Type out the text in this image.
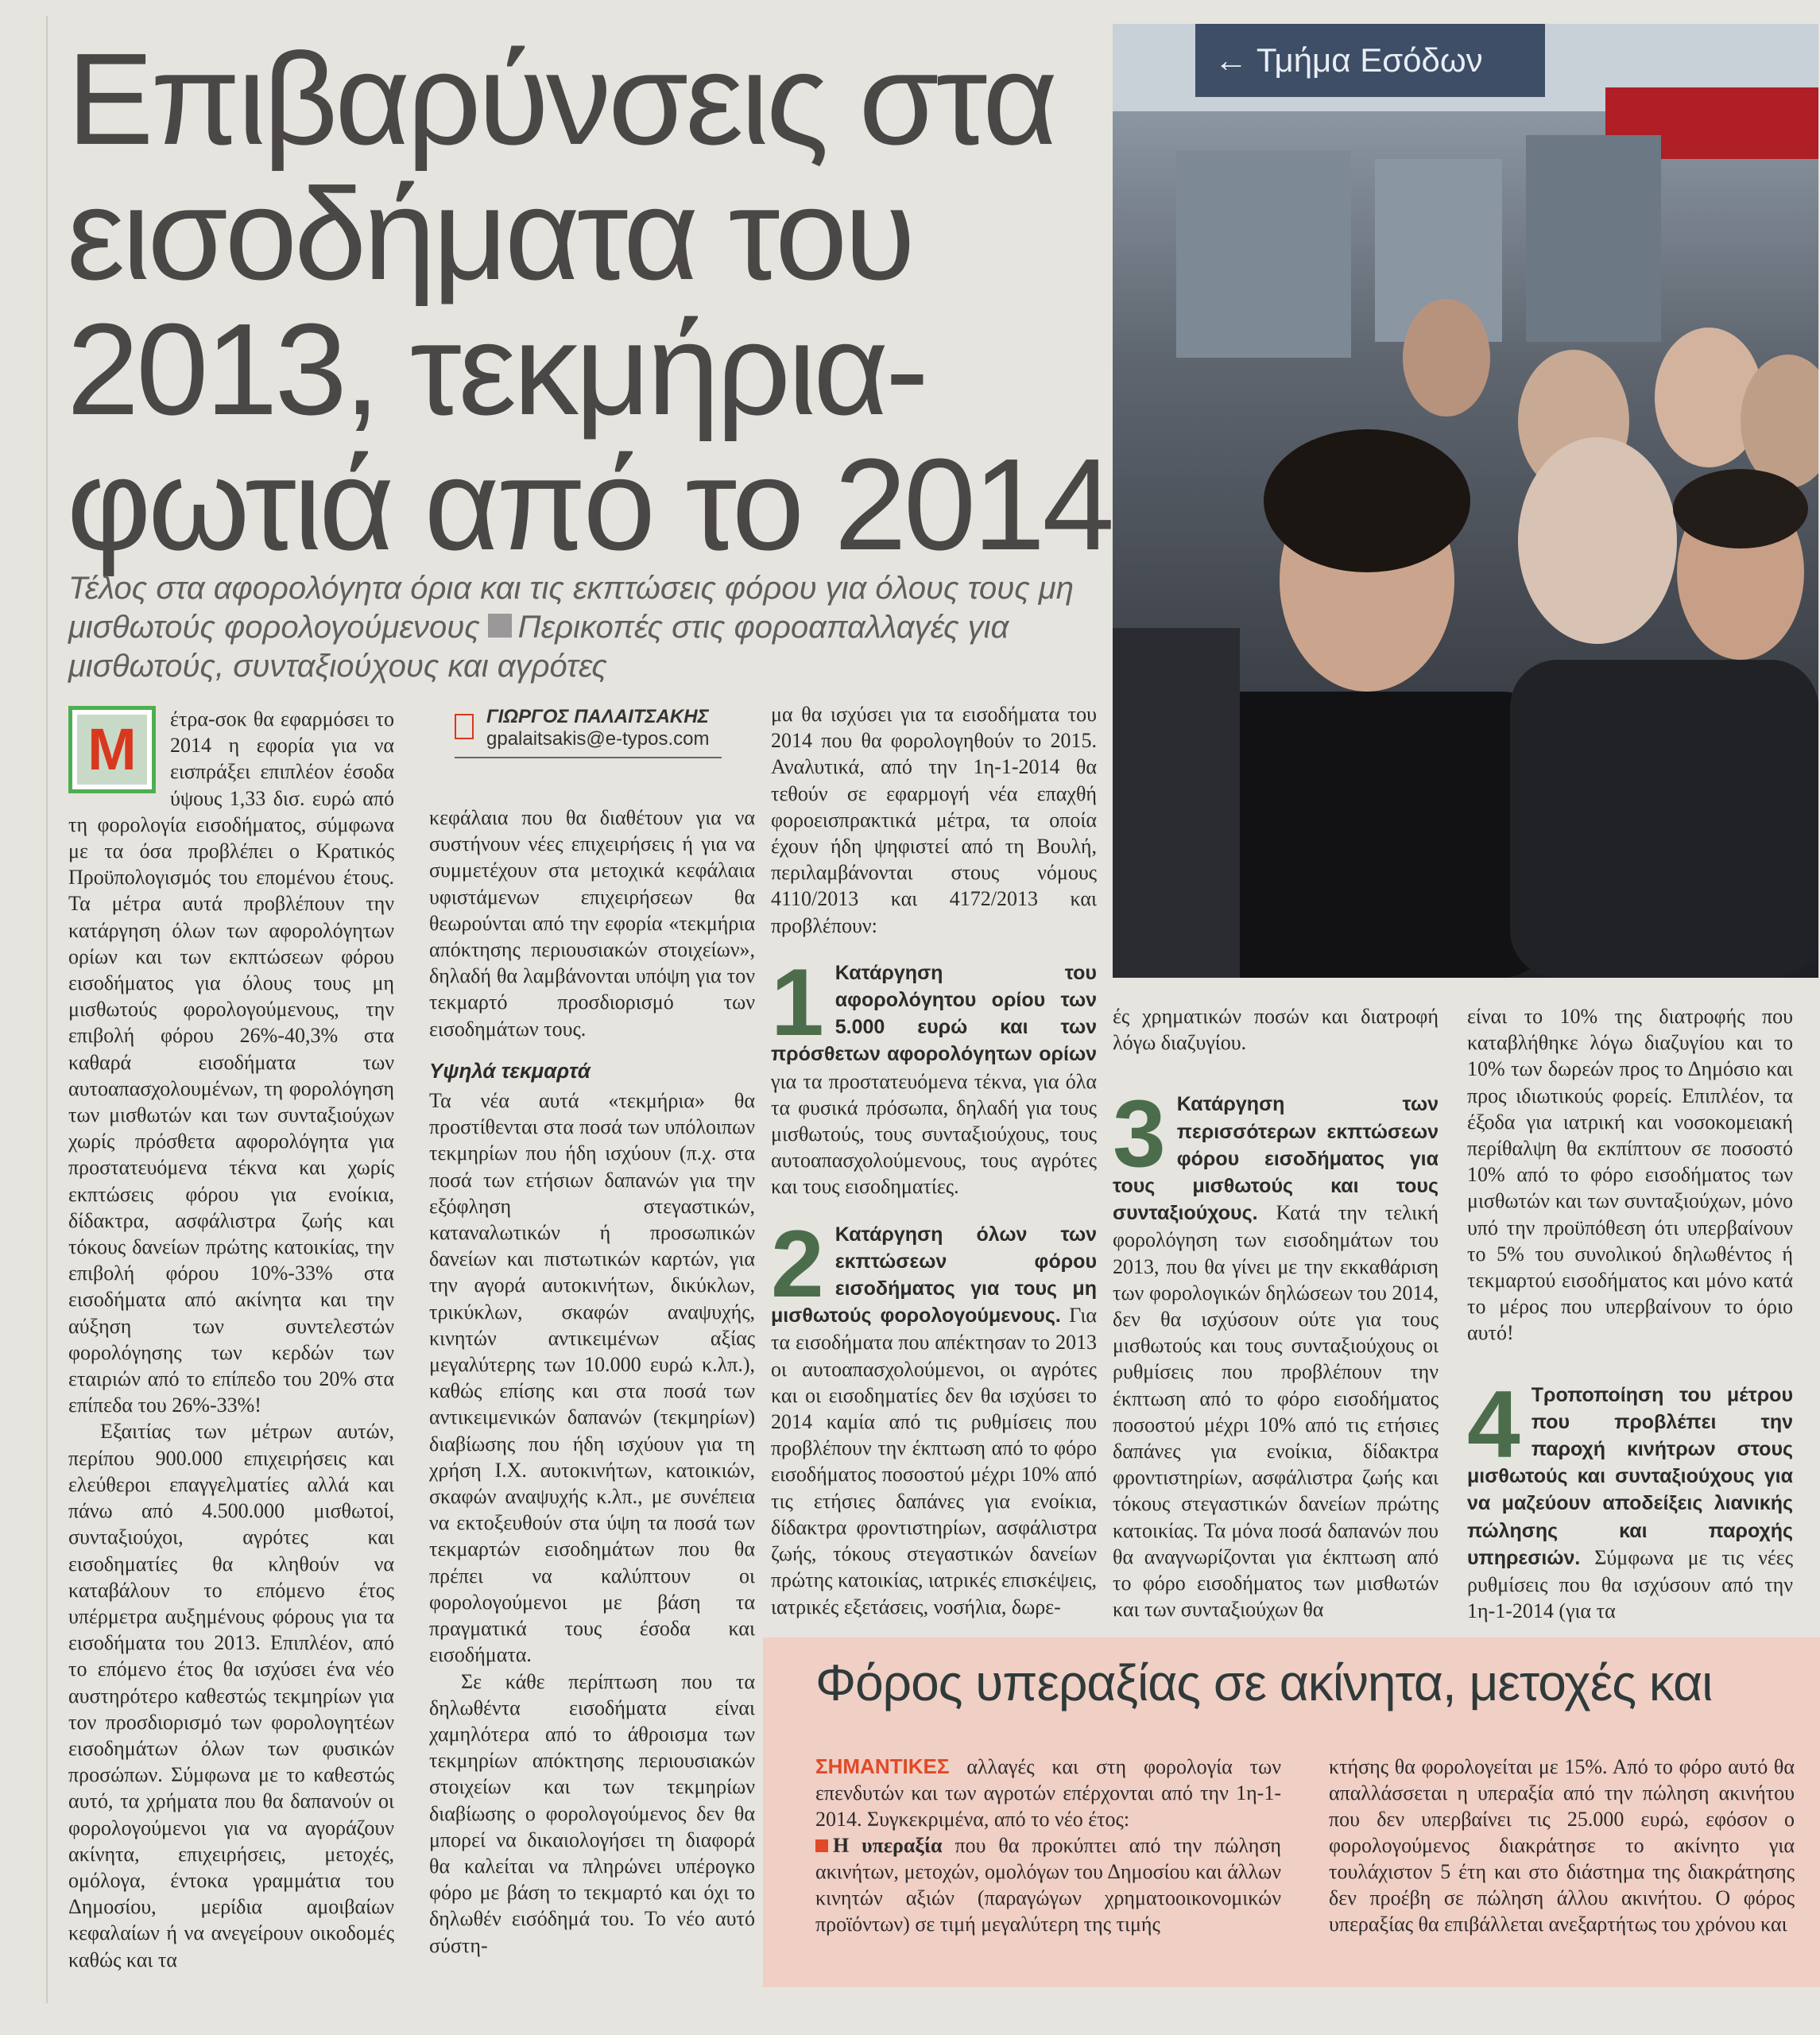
Επιβαρύνσεις στα
εισοδήματα του
2013, τεκμήρια-
φωτιά από το 2014
Τέλος στα αφορολόγητα όρια και τις εκπτώσεις φόρου για όλους τους μη μισθωτούς φορολογούμενους Περικοπές στις φοροαπαλλαγές για μισθωτούς, συνταξιούχους και αγρότες
← Τμήμα Εσόδων
Μ	έτρα-σοκ θα εφαρμόσει το 2014 η εφορία για να εισπράξει επιπλέον έσοδα ύψους 1,33 δισ. ευρώ από τη φορολογία εισοδήματος, σύμφωνα με τα όσα προβλέπει ο Κρατικός Προϋπολογισμός του επομένου έτους. Τα μέτρα αυτά προβλέπουν την κατάργηση όλων των αφορολόγητων ορίων και των εκπτώσεων φόρου εισοδήματος για όλους τους μη μισθωτούς φορολογούμενους, την επιβολή φόρου 26%-40,3% στα καθαρά εισοδήματα των αυτοαπασχολουμένων, τη φορολόγηση των μισθωτών και των συνταξιούχων χωρίς πρόσθετα αφορολόγητα για προστατευόμενα τέκνα και χωρίς εκπτώσεις φόρου για ενοίκια, δίδακτρα, ασφάλιστρα ζωής και τόκους δανείων πρώτης κατοικίας, την επιβολή φόρου 10%-33% στα εισοδήματα από ακίνητα και την αύξηση των συντελεστών φορολόγησης των κερδών των εταιριών από το επίπεδο του 20% στα επίπεδα του 26%-33%!

Εξαιτίας των μέτρων αυτών, περίπου 900.000 επιχειρήσεις και ελεύθεροι επαγγελματίες αλλά και πάνω από 4.500.000 μισθωτοί, συνταξιούχοι, αγρότες και εισοδηματίες θα κληθούν να καταβάλουν το επόμενο έτος υπέρμετρα αυξημένους φόρους για τα εισοδήματα του 2013. Επιπλέον, από το επόμενο έτος θα ισχύσει ένα νέο αυστηρότερο καθεστώς τεκμηρίων για τον προσδιορισμό των φορολογητέων εισοδημάτων όλων των φυσικών προσώπων. Σύμφωνα με το καθεστώς αυτό, τα χρήματα που θα δαπανούν οι φορολογούμενοι για να αγοράζουν ακίνητα, επιχειρήσεις, μετοχές, ομόλογα, έντοκα γραμμάτια του Δημοσίου, μερίδια αμοιβαίων κεφαλαίων ή να ανεγείρουν οικοδομές καθώς και τα

ΓΙΩΡΓΟΣ ΠΑΛΑΙΤΣΑΚΗΣ
gpalaitsakis@e-typos.com

κεφάλαια που θα διαθέτουν για να συστήνουν νέες επιχειρήσεις ή για να συμμετέχουν στα μετοχικά κεφάλαια υφιστάμενων επιχειρήσεων θα θεωρούνται από την εφορία «τεκμήρια απόκτησης περιουσιακών στοιχείων», δηλαδή θα λαμβάνονται υπόψη για τον τεκμαρτό προσδιορισμό των εισοδημάτων τους.

Υψηλά τεκμαρτά

Τα νέα αυτά «τεκμήρια» θα προστίθενται στα ποσά των υπόλοιπων τεκμηρίων που ήδη ισχύουν (π.χ. στα ποσά των ετήσιων δαπανών για την εξόφληση στεγαστικών, καταναλωτικών ή προσωπικών δανείων και πιστωτικών καρτών, για την αγορά αυτοκινήτων, δικύκλων, τρικύκλων, σκαφών αναψυχής, κινητών αντικειμένων αξίας μεγαλύτερης των 10.000 ευρώ κ.λπ.), καθώς επίσης και στα ποσά των αντικειμενικών δαπανών (τεκμηρίων) διαβίωσης που ήδη ισχύουν για τη χρήση Ι.Χ. αυτοκινήτων, κατοικιών, σκαφών αναψυχής κ.λπ., με συνέπεια να εκτοξευθούν στα ύψη τα ποσά των τεκμαρτών εισοδημάτων που θα πρέπει να καλύπτουν οι φορολογούμενοι με βάση τα πραγματικά τους έσοδα και εισοδήματα.

Σε κάθε περίπτωση που τα δηλωθέντα εισοδήματα είναι χαμηλότερα από το άθροισμα των τεκμηρίων απόκτησης περιουσιακών στοιχείων και των τεκμηρίων διαβίωσης ο φορολογούμενος δεν θα μπορεί να δικαιολογήσει τη διαφορά θα καλείται να πληρώνει υπέρογκο φόρο με βάση το τεκμαρτό και όχι το δηλωθέν εισόδημά του. Το νέο αυτό σύστη-

μα θα ισχύσει για τα εισοδήματα του 2014 που θα φορολογηθούν το 2015. Αναλυτικά, από την 1η-1-2014 θα τεθούν σε εφαρμογή νέα επαχθή φοροεισπρακτικά μέτρα, τα οποία έχουν ήδη ψηφιστεί από τη Βουλή, περιλαμβάνονται στους νόμους 4110/2013 και 4172/2013 και προβλέπουν:

1 Κατάργηση του αφορολόγητου ορίου των 5.000 ευρώ και των πρόσθετων αφορολόγητων ορίων για τα προστατευόμενα τέκνα, για όλα τα φυσικά πρόσωπα, δηλαδή για τους μισθωτούς, τους συνταξιούχους, τους αυτοαπασχολούμενους, τους αγρότες και τους εισοδηματίες.
2 Κατάργηση όλων των εκπτώσεων φόρου εισοδήματος για τους μη μισθωτούς φορολογούμενους. Για τα εισοδήματα που απέκτησαν το 2013 οι αυτοαπασχολούμενοι, οι αγρότες και οι εισοδηματίες δεν θα ισχύσει το 2014 καμία από τις ρυθμίσεις που προβλέπουν την έκπτωση από το φόρο εισοδήματος ποσοστού μέχρι 10% από τις ετήσιες δαπάνες για ενοίκια, δίδακτρα φροντιστηρίων, ασφάλιστρα ζωής, τόκους στεγαστικών δανείων πρώτης κατοικίας, ιατρικές επισκέψεις, ιατρικές εξετάσεις, νοσήλια, δωρε-

ές χρηματικών ποσών και διατροφή λόγω διαζυγίου.

3 Κατάργηση των περισσότερων εκπτώσεων φόρου εισοδήματος για τους μισθωτούς και τους συνταξιούχους. Κατά την τελική φορολόγηση των εισοδημάτων του 2013, που θα γίνει με την εκκαθάριση των φορολογικών δηλώσεων του 2014, δεν θα ισχύσουν ούτε για τους μισθωτούς και τους συνταξιούχους οι ρυθμίσεις που προβλέπουν την έκπτωση από το φόρο εισοδήματος ποσοστού μέχρι 10% από τις ετήσιες δαπάνες για ενοίκια, δίδακτρα φροντιστηρίων, ασφάλιστρα ζωής και τόκους στεγαστικών δανείων πρώτης κατοικίας. Τα μόνα ποσά δαπανών που θα αναγνωρίζονται για έκπτωση από το φόρο εισοδήματος των μισθωτών και των συνταξιούχων θα

είναι το 10% της διατροφής που καταβλήθηκε λόγω διαζυγίου και το 10% των δωρεών προς το Δημόσιο και προς ιδιωτικούς φορείς. Επιπλέον, τα έξοδα για ιατρική και νοσοκομειακή περίθαλψη θα εκπίπτουν σε ποσοστό 10% από το φόρο εισοδήματος των μισθωτών και των συνταξιούχων, μόνο υπό την προϋπόθεση ότι υπερβαίνουν το 5% του συνολικού δηλωθέντος ή τεκμαρτού εισοδήματος και μόνο κατά το μέρος που υπερβαίνουν το όριο αυτό!

4 Τροποποίηση του μέτρου που προβλέπει την παροχή κινήτρων στους μισθωτούς και συνταξιούχους για να μαζεύουν αποδείξεις λιανικής πώλησης και παροχής υπηρεσιών. Σύμφωνα με τις νέες ρυθμίσεις που θα ισχύσουν από την 1η-1-2014 (για τα
Φόρος υπεραξίας σε ακίνητα, μετοχές και
ΣΗΜΑΝΤΙΚΕΣ αλλαγές και στη φορολογία των επενδυτών και των αγροτών επέρχονται από την 1η-1-2014. Συγκεκριμένα, από το νέο έτος:
Η υπεραξία που θα προκύπτει από την πώληση ακινήτων, μετοχών, ομολόγων του Δημοσίου και άλλων κινητών αξιών (παραγώγων χρηματοοικονομικών προϊόντων) σε τιμή μεγαλύτερη της τιμής
κτήσης θα φορολογείται με 15%. Από το φόρο αυτό θα απαλλάσσεται η υπεραξία από την πώληση ακινήτου που δεν υπερβαίνει τις 25.000 ευρώ, εφόσον ο φορολογούμενος διακράτησε το ακίνητο για τουλάχιστον 5 έτη και στο διάστημα της διακράτησης δεν προέβη σε πώληση άλλου ακινήτου. Ο φόρος υπεραξίας θα επιβάλλεται ανεξαρτήτως του χρόνου και
